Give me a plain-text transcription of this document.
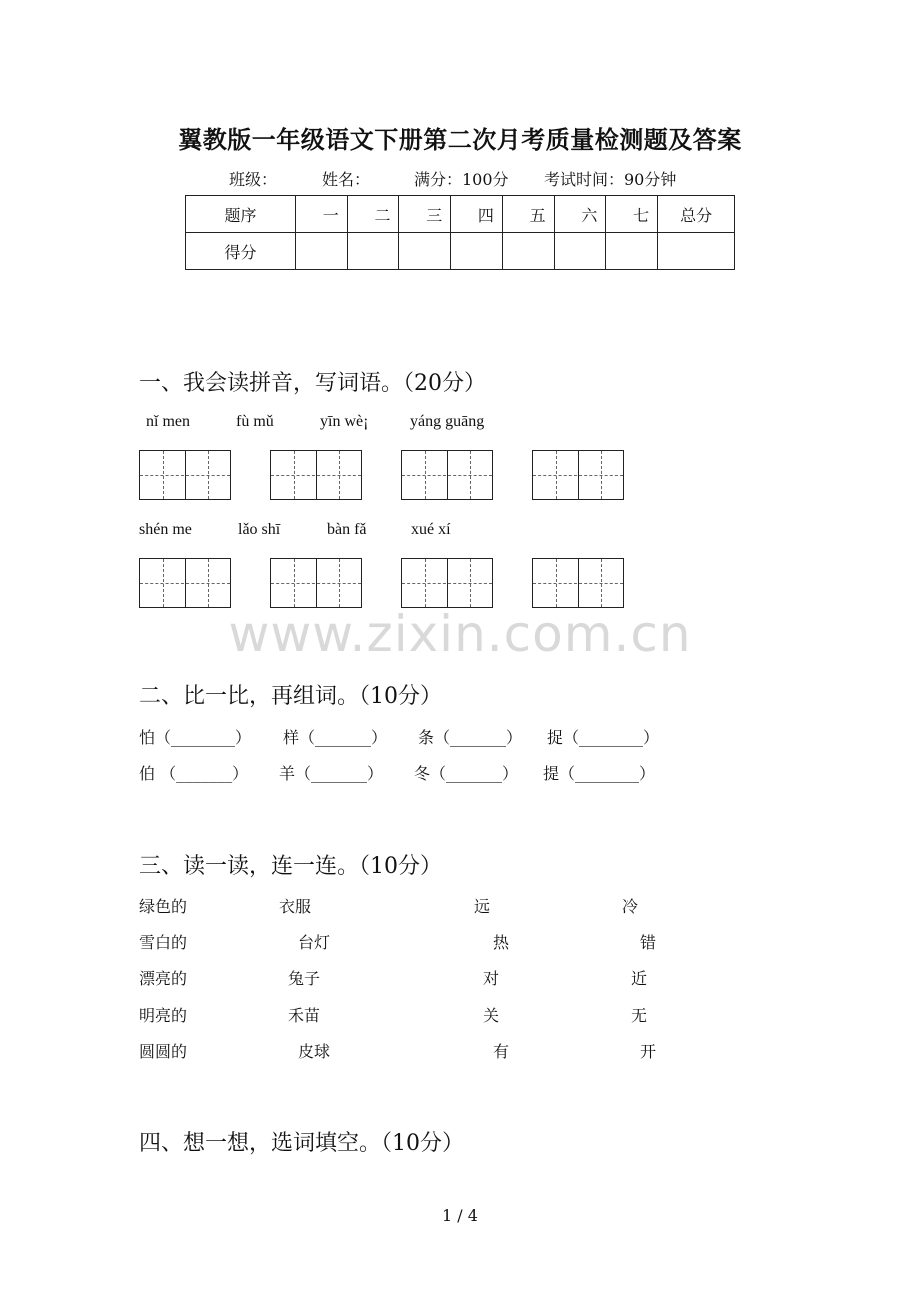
翼教版一年级语文下册第二次月考质量检测题及答案
班级：	姓名：	满分：100分 考试时间：90分钟
题序	一	二	三	四	五	六	七	总分
得分								
一、我会读拼音，写词语。（20分）
nǐ men	fù mǔ	yīn wè¡	yáng guāng
shén me	lǎo shī	bàn fǎ	xué xí
www.zixin.com.cn
二、比一比，再组词。（10分）
怕（________） 样（_______） 条（_______） 捉（________）
伯 （_______） 羊（_______） 冬（_______） 提（________）
三、读一读，连一连。（10分）
绿色的	衣服	远	冷
雪白的	台灯	热	错
漂亮的	兔子	对	近
明亮的	禾苗	关	无
圆圆的	皮球	有	开
四、想一想，选词填空。（10分）
1 / 4
